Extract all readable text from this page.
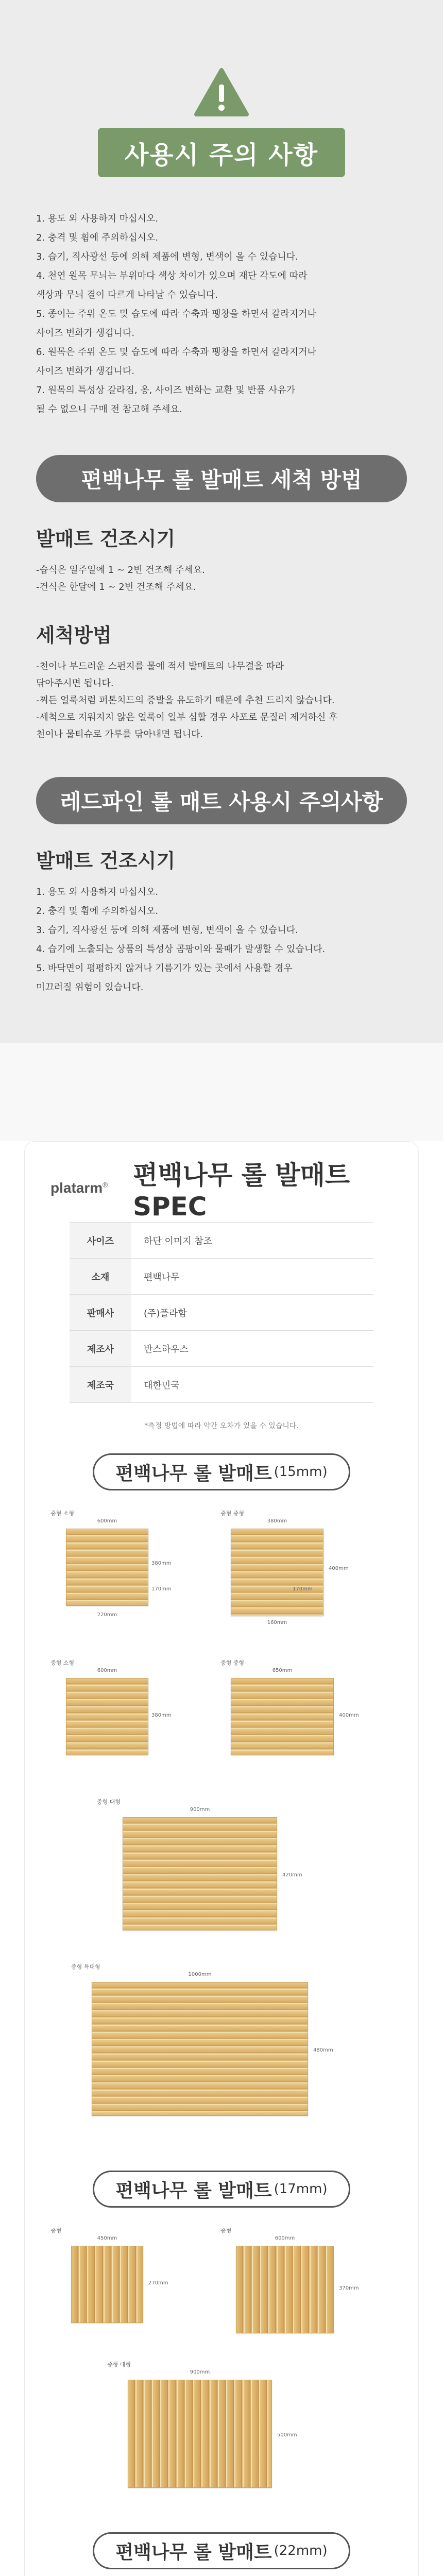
사용시 주의 사항
1. 용도 외 사용하지 마십시오.
2. 충격 및 휨에 주의하십시오.
3. 습기, 직사광선 등에 의해 제품에 변형, 변색이 올 수 있습니다.
4. 천연 원목 무늬는 부위마다 색상 차이가 있으며 재단 각도에 따라
색상과 무늬 결이 다르게 나타날 수 있습니다.
5. 종이는 주위 온도 및 습도에 따라 수축과 팽창을 하면서 갈라지거나
사이즈 변화가 생깁니다.
6. 원목은 주위 온도 및 습도에 따라 수축과 팽창을 하면서 갈라지거나
사이즈 변화가 생깁니다.
7. 원목의 특성상 갈라짐, 옹, 사이즈 변화는 교환 및 반품 사유가
될 수 없으니 구매 전 참고해 주세요.
편백나무 롤 발매트 세척 방법
발매트 건조시기

-습식은 일주일에 1 ~ 2번 건조해 주세요.

-건식은 한달에 1 ~ 2번 건조해 주세요.

세척방법

-천이나 부드러운 스펀지를 물에 적셔 발매트의 나무결을 따라

닦아주시면 됩니다.

-찌든 얼룩처럼 퍼톤치드의 증발을 유도하기 때문에 추천 드리지 않습니다.

-세척으로 지워지지 않은 얼룩이 일부 심할 경우 사포로 문질러 제거하신 후

천이나 물티슈로 가루를 닦아내면 됩니다.

레드파인 롤 매트 사용시 주의사항
발매트 건조시기
1. 용도 외 사용하지 마십시오.
2. 충격 및 휨에 주의하십시오.
3. 습기, 직사광선 등에 의해 제품에 변형, 변색이 올 수 있습니다.
4. 습기에 노출되는 상품의 특성상 곰팡이와 물때가 발생할 수 있습니다.
5. 바닥면이 평평하지 않거나 기름기가 있는 곳에서 사용할 경우
미끄러질 위험이 있습니다.
platarm® 편백나무 롤 발매트 SPEC
사이즈	하단 이미지 참조
소재	편백나무
판매사	(주)플라함
제조사	반스하우스
제조국	대한민국

*측정 방법에 따라 약간 오차가 있을 수 있습니다.

편백나무 롤 발매트 (15mm)
중형 소형
600mm
380mm
220mm
170mm
중형 중형
380mm
400mm
160mm
170mm
중형 소형
600mm
380mm
중형 중형
650mm
400mm
중형 대형
900mm
420mm
중형 특대형
1000mm
480mm
편백나무 롤 발매트 (17mm)
중형
450mm
270mm
중형
600mm
370mm
중형 대형
900mm
500mm
편백나무 롤 발매트 (22mm)
